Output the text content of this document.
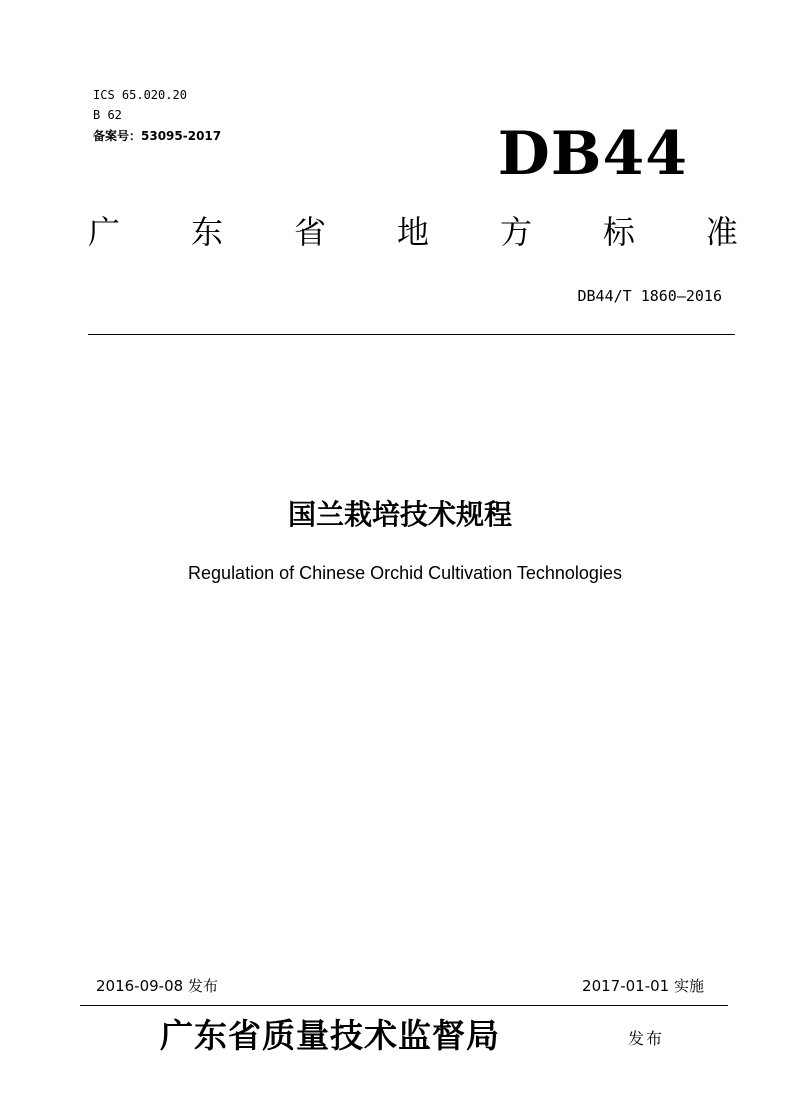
ICS 65.020.20
B 62
备案号：53095-2017	DB44
广 东 省 地 方 标 准
DB44/T 1860—2016
国兰栽培技术规程
Regulation of Chinese Orchid Cultivation Technologies
2016-09-08 发布	2017-01-01 实施
广东省质量技术监督局	发布
